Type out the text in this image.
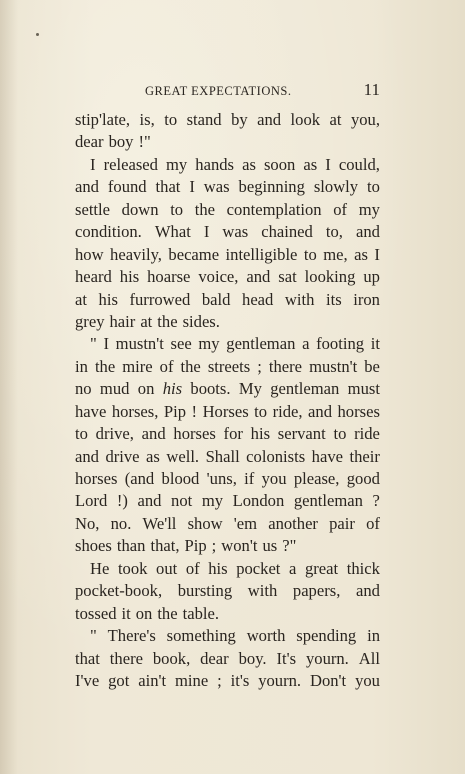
GREAT EXPECTATIONS.	11
stip'late, is, to stand by and look at you,
dear boy !"
I released my hands as soon as I could,
and found that I was beginning slowly to
settle down to the contemplation of my
condition. What I was chained to, and
how heavily, became intelligible to me, as I
heard his hoarse voice, and sat looking up
at his furrowed bald head with its iron
grey hair at the sides.
" I mustn't see my gentleman a footing it
in the mire of the streets ; there mustn't be
no mud on his boots. My gentleman must
have horses, Pip ! Horses to ride, and horses
to drive, and horses for his servant to ride
and drive as well. Shall colonists have their
horses (and blood 'uns, if you please, good
Lord !) and not my London gentleman ?
No, no. We'll show 'em another pair of
shoes than that, Pip ; won't us ?"
He took out of his pocket a great thick
pocket-book, bursting with papers, and
tossed it on the table.
" There's something worth spending in
that there book, dear boy. It's yourn. All
I've got ain't mine ; it's yourn. Don't you
